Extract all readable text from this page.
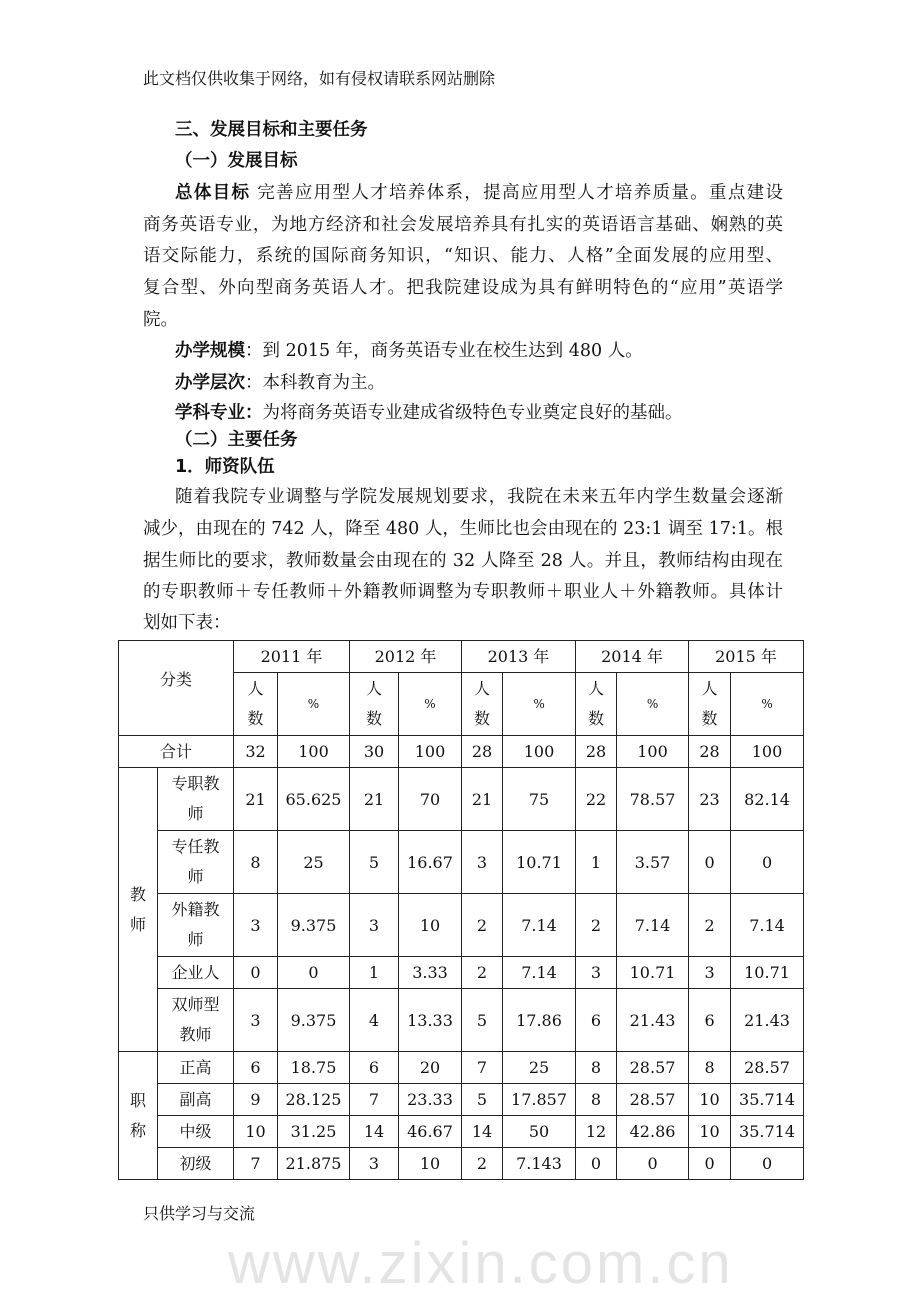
此文档仅供收集于网络，如有侵权请联系网站删除
www.zixin.com.cn
三、发展目标和主要任务
（一）发展目标
总体目标 完善应用型人才培养体系，提高应用型人才培养质量。重点建设
商务英语专业，为地方经济和社会发展培养具有扎实的英语语言基础、娴熟的英
语交际能力，系统的国际商务知识，“知识、能力、人格”全面发展的应用型、
复合型、外向型商务英语人才。把我院建设成为具有鲜明特色的“应用”英语学
院。
办学规模：到 2015 年，商务英语专业在校生达到 480 人。
办学层次：本科教育为主。
学科专业：为将商务英语专业建成省级特色专业奠定良好的基础。
（二）主要任务
1．师资队伍
随着我院专业调整与学院发展规划要求，我院在未来五年内学生数量会逐渐
减少，由现在的 742 人，降至 480 人，生师比也会由现在的 23:1 调至 17:1。根
据生师比的要求，教师数量会由现在的 32 人降至 28 人。并且，教师结构由现在
的专职教师＋专任教师＋外籍教师调整为专职教师＋职业人＋外籍教师。具体计
划如下表：
分类		2011 年		2012 年		2013 年		2014 年		2015 年	
		人数	%	人数	%	人数	%	人数	%	人数	%
合计		32	100	30	100	28	100	28	100	28	100
教师	专职教师	21	65.625	21	70	21	75	22	78.57	23	82.14
	专任教师	8	25	5	16.67	3	10.71	1	3.57	0	0
	外籍教师	3	9.375	3	10	2	7.14	2	7.14	2	7.14
	企业人	0	0	1	3.33	2	7.14	3	10.71	3	10.71
	双师型教师	3	9.375	4	13.33	5	17.86	6	21.43	6	21.43
职称	正高	6	18.75	6	20	7	25	8	28.57	8	28.57
	副高	9	28.125	7	23.33	5	17.857	8	28.57	10	35.714
	中级	10	31.25	14	46.67	14	50	12	42.86	10	35.714
	初级	7	21.875	3	10	2	7.143	0	0	0	0
只供学习与交流
